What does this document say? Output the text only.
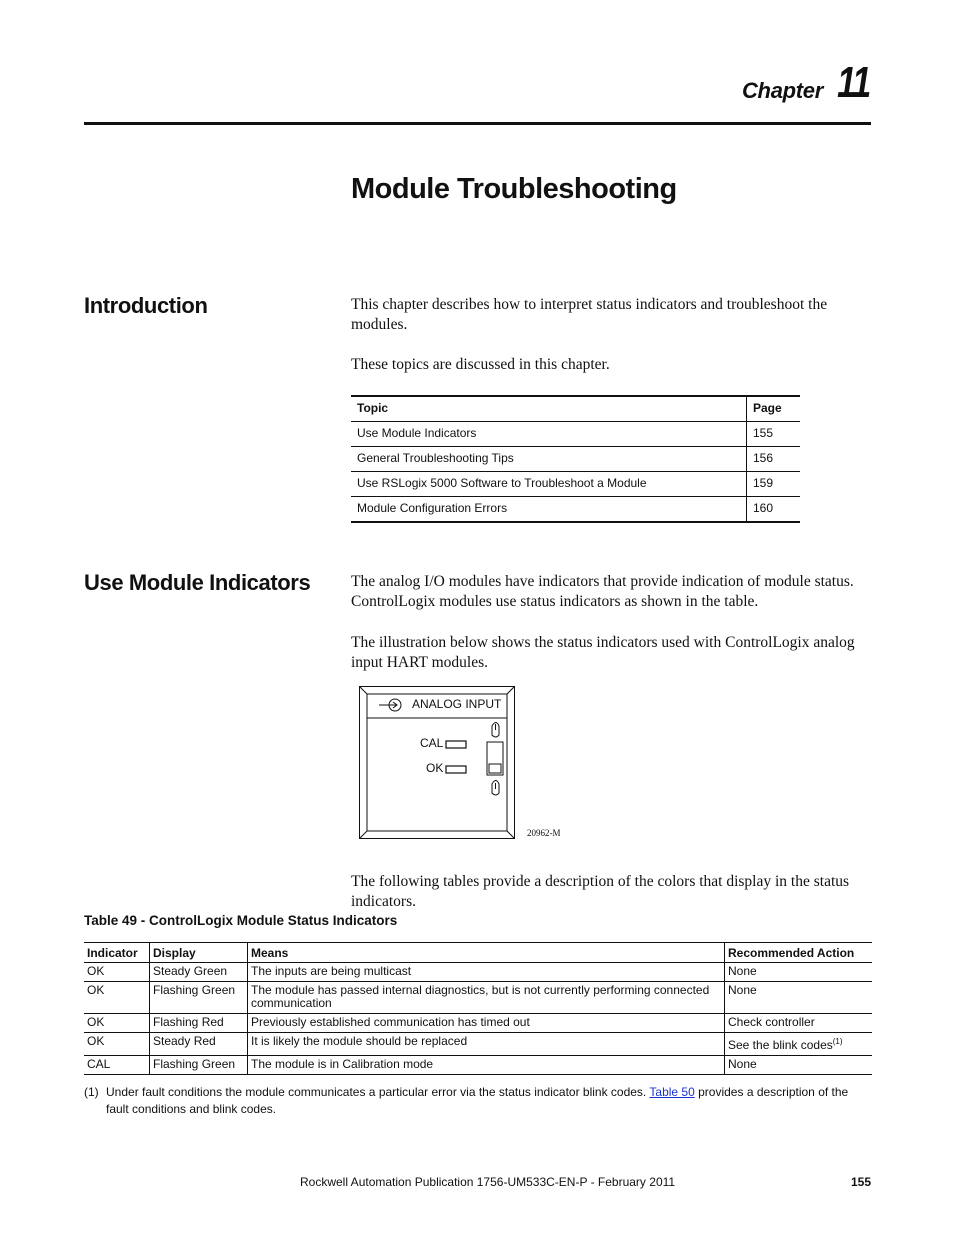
Chapter 11
Module Troubleshooting
Introduction	This chapter describes how to interpret status indicators and troubleshoot the modules.
These topics are discussed in this chapter.
Topic	Page
Use Module Indicators	155
General Troubleshooting Tips	156
Use RSLogix 5000 Software to Troubleshoot a Module	159
Module Configuration Errors	160
Use Module Indicators	The analog I/O modules have indicators that provide indication of module status. ControlLogix modules use status indicators as shown in the table.
The illustration below shows the status indicators used with ControlLogix analog input HART modules.
ANALOG INPUT
CAL
OK
20962-M
The following tables provide a description of the colors that display in the status indicators.
Table 49 - ControlLogix Module Status Indicators
Indicator	Display	Means	Recommended Action
OK	Steady Green	The inputs are being multicast	None
OK	Flashing Green	The module has passed internal diagnostics, but is not currently performing connected communication	None
OK	Flashing Red	Previously established communication has timed out	Check controller
OK	Steady Red	It is likely the module should be replaced	See the blink codes$^{(1)}$
CAL	Flashing Green	The module is in Calibration mode	None
(1) Under fault conditions the module communicates a particular error via the status indicator blink codes. Table 50 provides a description of the fault conditions and blink codes.
Rockwell Automation Publication 1756-UM533C-EN-P - February 2011	155
